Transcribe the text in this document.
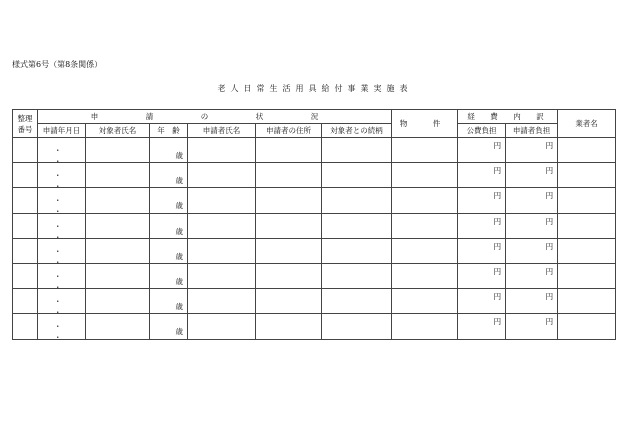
様式第6号（第8条関係）
老人日常生活用具給付事業実施表
整理
番号	申　請　の　状　況						物　件	経　費　内　訳		業者名
	申請年月日	対象者氏名	年　齢	申請者氏名	申請者の住所	対象者との続柄		公費負担	申請者負担	

	・ ・		歳					円	円	

	・ ・		歳					円	円	

	・ ・		歳					円	円	

	・ ・		歳					円	円	

	・ ・		歳					円	円	

	・ ・		歳					円	円	

	・ ・		歳					円	円	

	・ ・		歳					円	円	
